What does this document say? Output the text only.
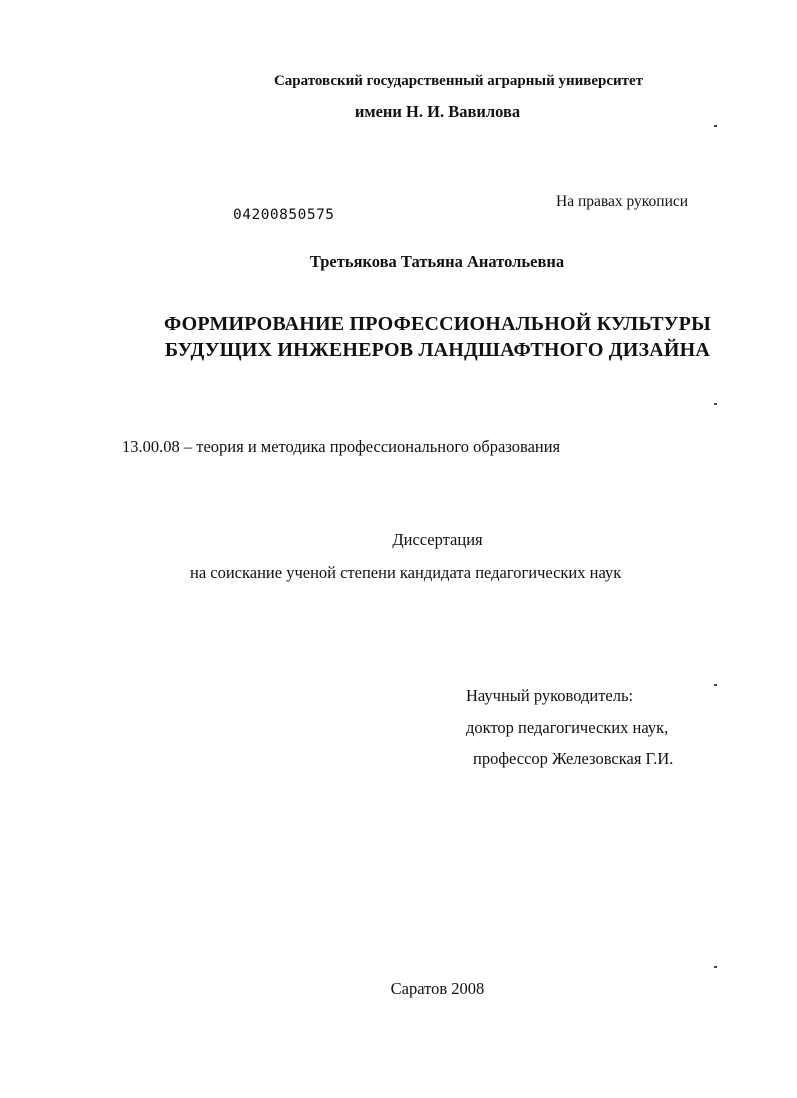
Саратовский государственный аграрный университет

имени Н. И. Вавилова

На правах рукописи

04200850575

Третьякова Татьяна Анатольевна

ФОРМИРОВАНИЕ ПРОФЕССИОНАЛЬНОЙ КУЛЬТУРЫ

БУДУЩИХ ИНЖЕНЕРОВ ЛАНДШАФТНОГО ДИЗАЙНА

13.00.08 – теория и методика профессионального образования

Диссертация

на соискание ученой степени кандидата педагогических наук

Научный руководитель:

доктор педагогических наук,

профессор Железовская Г.И.

Саратов 2008
